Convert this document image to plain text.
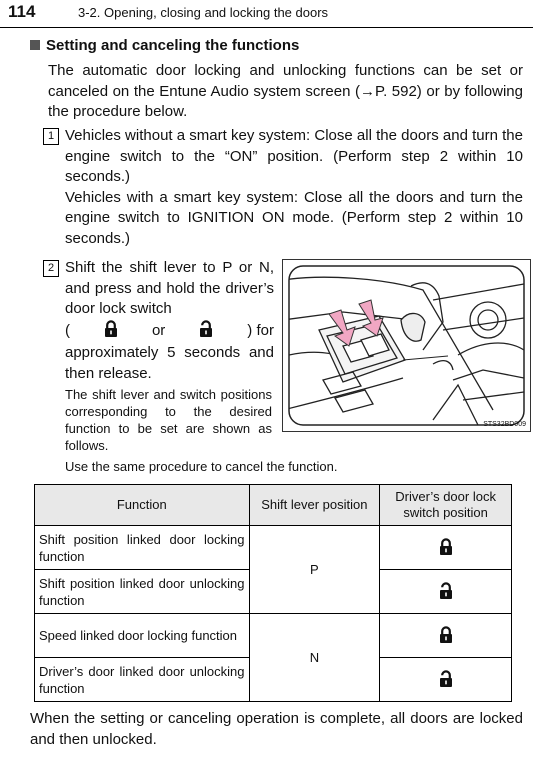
114	3-2. Opening, closing and locking the doors
Setting and canceling the functions
The automatic door locking and unlocking functions can be set or canceled on the Entune Audio system screen (→P. 592) or by following the procedure below.
1 Vehicles without a smart key system: Close all the doors and turn the engine switch to the “ON” position. (Perform step 2 within 10 seconds.)

Vehicles with a smart key system: Close all the doors and turn the engine switch to IGNITION ON mode. (Perform step 2 within 10 seconds.)

2 Shift the shift lever to P or N, and press and hold the driver’s door lock switch

(	or	) for

approximately 5 seconds and then release.

The shift lever and switch positions corresponding to the desired function to be set are shown as follows.
Use the same procedure to cancel the function.
STS32BD009
Function	Shift lever position	Driver’s door lock switch position
Shift position linked door locking function	P	
Shift position linked door unlocking function	
Speed linked door locking function	N	
Driver’s door linked door unlocking function	
When the setting or canceling operation is complete, all doors are locked and then unlocked.
